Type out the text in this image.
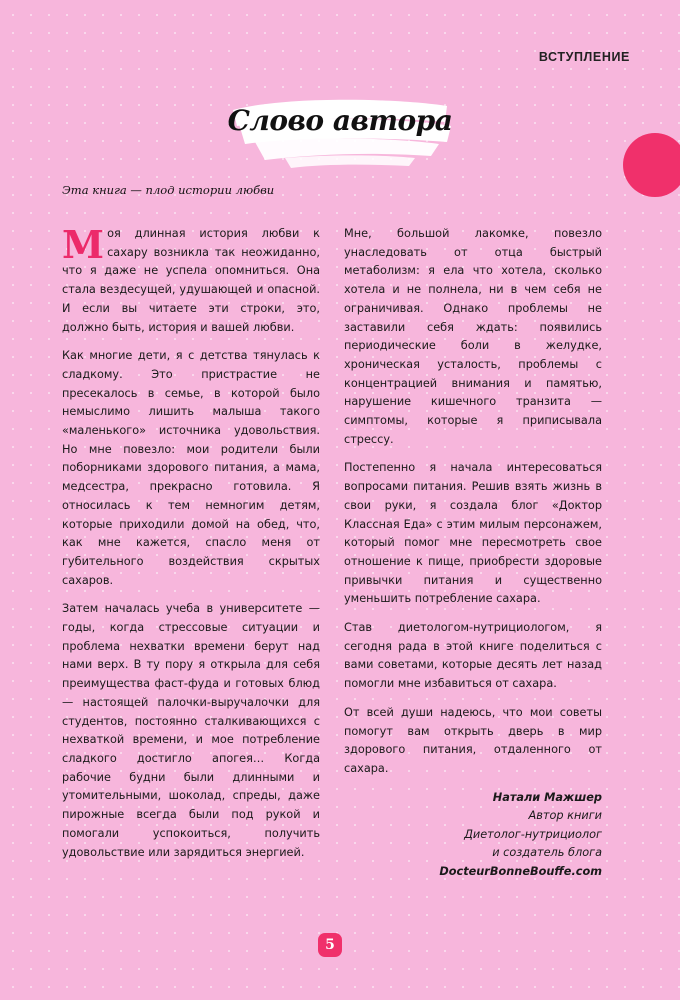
ВСТУПЛЕНИЕ
Слово автора
Эта книга — плод истории любви

Моя длинная история любви к сахару возникла так неожиданно, что я даже не успела опомниться. Она стала вездесущей, удушающей и опасной. И если вы читаете эти строки, это, должно быть, история и вашей любви.

Как многие дети, я с детства тянулась к сладкому. Это пристрастие не пресекалось в семье, в которой было немыслимо лишить малыша такого «маленького» источника удовольствия. Но мне повезло: мои родители были поборниками здорового питания, а мама, медсестра, прекрасно готовила. Я относилась к тем немногим детям, которые приходили домой на обед, что, как мне кажется, спасло меня от губительного воздействия скрытых сахаров.

Затем началась учеба в университете — годы, когда стрессовые ситуации и проблема нехватки времени берут над нами верх. В ту пору я открыла для себя преимущества фаст-фуда и готовых блюд — настоящей палочки-выручалочки для студентов, постоянно сталкивающихся с нехваткой времени, и мое потребление сладкого достигло апогея… Когда рабочие будни были длинными и утомительными, шоколад, спреды, даже пирожные всегда были под рукой и помогали успокоиться, получить удовольствие или зарядиться энергией.

Мне, большой лакомке, повезло унаследовать от отца быстрый метаболизм: я ела что хотела, сколько хотела и не полнела, ни в чем себя не ограничивая. Однако проблемы не заставили себя ждать: появились периодические боли в желудке, хроническая усталость, проблемы с концентрацией внимания и памятью, нарушение кишечного транзита — симптомы, которые я приписывала стрессу.

Постепенно я начала интересоваться вопросами питания. Решив взять жизнь в свои руки, я создала блог «Доктор Классная Еда» с этим милым персонажем, который помог мне пересмотреть свое отношение к пище, приобрести здоровые привычки питания и существенно уменьшить потребление сахара.

Став диетологом-нутрициологом, я сегодня рада в этой книге поделиться с вами советами, которые десять лет назад помогли мне избавиться от сахара.

От всей души надеюсь, что мои советы помогут вам открыть дверь в мир здорового питания, отдаленного от сахара.

Натали Мажшер
Автор книги
Диетолог-нутрициолог
и создатель блога
DocteurBonneBouffe.com
5
